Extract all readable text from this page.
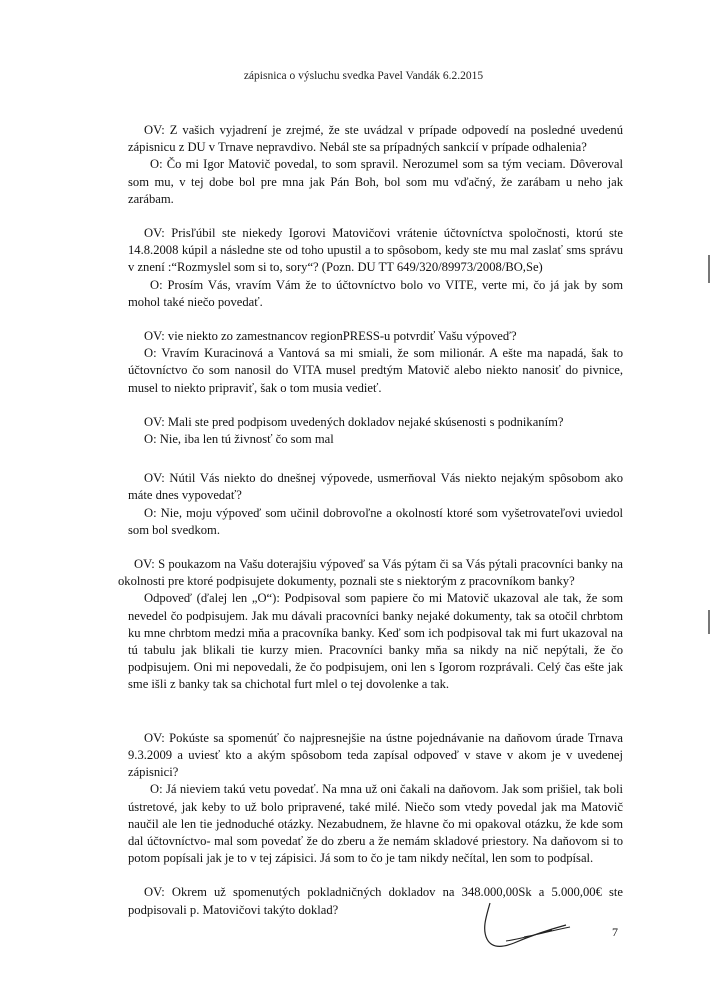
zápisnica o výsluchu svedka Pavel Vandák 6.2.2015

OV: Z vašich vyjadrení je zrejmé, že ste uvádzal v prípade odpovedí na posledné uvedenú zápisnicu z DU v Trnave nepravdivo. Nebál ste sa prípadných sankcií v prípade odhalenia?

O: Čo mi Igor Matovič povedal, to som spravil. Nerozumel som sa tým veciam. Dôveroval som mu, v tej dobe bol pre mna jak Pán Boh, bol som mu vďačný, že zarábam u neho jak zarábam.

OV: Prisľúbil ste niekedy Igorovi Matovičovi vrátenie účtovníctva spoločnosti, ktorú ste 14.8.2008 kúpil a následne ste od toho upustil a to spôsobom, kedy ste mu mal zaslať sms správu v znení :“Rozmyslel som si to, sory“? (Pozn. DU TT 649/320/89973/2008/BO,Se)

O: Prosím Vás, vravím Vám že to účtovníctvo bolo vo VITE, verte mi, čo já jak by som mohol také niečo povedať.

OV: vie niekto zo zamestnancov regionPRESS-u potvrdiť Vašu výpoveď?

O: Vravím Kuracinová a Vantová sa mi smiali, že som milionár. A ešte ma napadá, šak to účtovníctvo čo som nanosil do VITA musel predtým Matovič alebo niekto nanosiť do pivnice, musel to niekto pripraviť, šak o tom musia vedieť.

OV: Mali ste pred podpisom uvedených dokladov nejaké skúsenosti s podnikaním?

O: Nie, iba len tú živnosť čo som mal

OV: Nútil Vás niekto do dnešnej výpovede, usmerňoval Vás niekto nejakým spôsobom ako máte dnes vypovedať?

O: Nie, moju výpoveď som učinil dobrovoľne a okolností ktoré som vyšetrovateľovi uviedol som bol svedkom.

OV: S poukazom na Vašu doterajšiu výpoveď sa Vás pýtam či sa Vás pýtali pracovníci banky na okolnosti pre ktoré podpisujete dokumenty, poznali ste s niektorým z pracovníkom banky?

Odpoveď (ďalej len „O“): Podpisoval som papiere čo mi Matovič ukazoval ale tak, že som nevedel čo podpisujem. Jak mu dávali pracovníci banky nejaké dokumenty, tak sa otočil chrbtom ku mne chrbtom medzi mňa a pracovníka banky. Keď som ich podpisoval tak mi furt ukazoval na tú tabulu jak blikali tie kurzy mien. Pracovníci banky mňa sa nikdy na nič nepýtali, že čo podpisujem. Oni mi nepovedali, že čo podpisujem, oni len s Igorom rozprávali. Celý čas ešte jak sme išli z banky tak sa chichotal furt mlel o tej dovolenke a tak.

OV: Pokúste sa spomenúť čo najpresnejšie na ústne pojednávanie na daňovom úrade Trnava 9.3.2009 a uviesť kto a akým spôsobom teda zapísal odpoveď v stave v akom je v uvedenej zápisnici?

O: Já nieviem takú vetu povedať. Na mna už oni čakali na daňovom. Jak som prišiel, tak boli ústretové, jak keby to už bolo pripravené, také milé. Niečo som vtedy povedal jak ma Matovič naučil ale len tie jednoduché otázky. Nezabudnem, že hlavne čo mi opakoval otázku, že kde som dal účtovníctvo- mal som povedať že do zberu a že nemám skladové priestory. Na daňovom si to potom popísali jak je to v tej zápisici. Já som to čo je tam nikdy nečítal, len som to podpísal.

OV: Okrem už spomenutých pokladničných dokladov na 348.000,00Sk a 5.000,00€ ste podpisovali p. Matovičovi takýto doklad?

7
